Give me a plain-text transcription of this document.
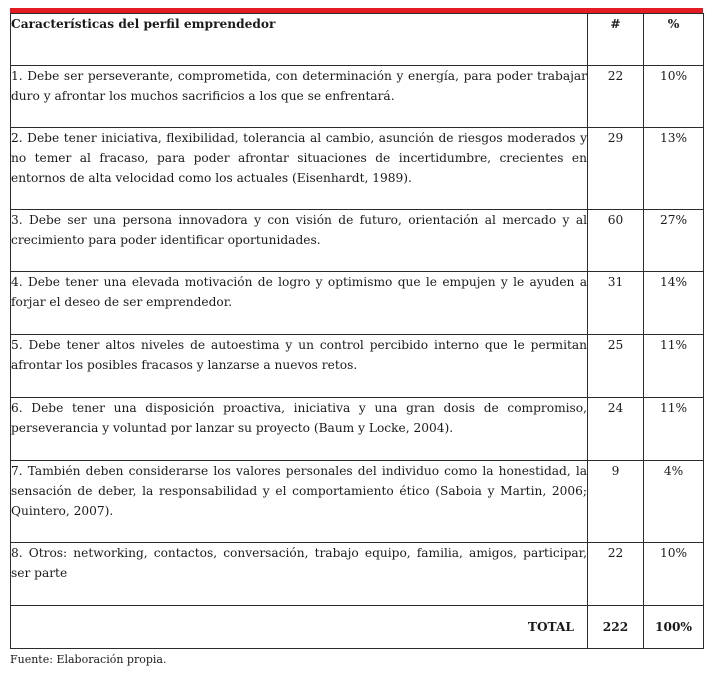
Características del perfil emprendedor	#	%
1. Debe ser perseverante, comprometida, con determinación y energía, para poder trabajar duro y afrontar los muchos sacrificios a los que se enfrentará.	22	10%
2. Debe tener iniciativa, flexibilidad, tolerancia al cambio, asunción de riesgos moderados y no temer al fracaso, para poder afrontar situaciones de incertidumbre, crecientes en entornos de alta velocidad como los actuales (Eisenhardt, 1989).	29	13%
3. Debe ser una persona innovadora y con visión de futuro, orientación al mercado y al crecimiento para poder identificar oportunidades.	60	27%
4. Debe tener una elevada motivación de logro y optimismo que le empujen y le ayuden a forjar el deseo de ser emprendedor.	31	14%
5. Debe tener altos niveles de autoestima y un control percibido interno que le permitan afrontar los posibles fracasos y lanzarse a nuevos retos.	25	11%
6. Debe tener una disposición proactiva, iniciativa y una gran dosis de compromiso, perseverancia y voluntad por lanzar su proyecto (Baum y Locke, 2004).	24	11%
7. También deben considerarse los valores personales del individuo como la honestidad, la sensación de deber, la responsabilidad y el comportamiento ético (Saboia y Martin, 2006; Quintero, 2007).	9	4%
8. Otros: networking, contactos, conversación, trabajo equipo, familia, amigos, participar, ser parte	22	10%
TOTAL	222	100%
Fuente: Elaboración propia.
